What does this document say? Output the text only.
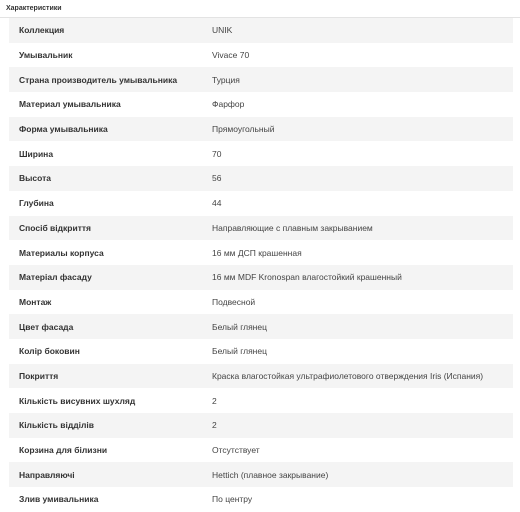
Характеристики
Коллекция	UNIK
Умывальник	Vivace 70
Страна производитель умывальника	Турция
Материал умывальника	Фарфор
Форма умывальника	Прямоугольный
Ширина	70
Высота	56
Глубина	44
Спосіб відкриття	Направляющие с плавным закрыванием
Материалы корпуса	16 мм ДСП крашенная
Матеріал фасаду	16 мм MDF Kronospan влагостойкий крашенный
Монтаж	Подвесной
Цвет фасада	Белый глянец
Колір боковин	Белый глянец
Покриття	Краска влагостойкая ультрафиолетового отверждения Iris (Испания)
Кількість висувних шухляд	2
Кількість відділів	2
Корзина для білизни	Отсутствует
Направляючі	Hettich (плавное закрывание)
Злив умивальника	По центру
